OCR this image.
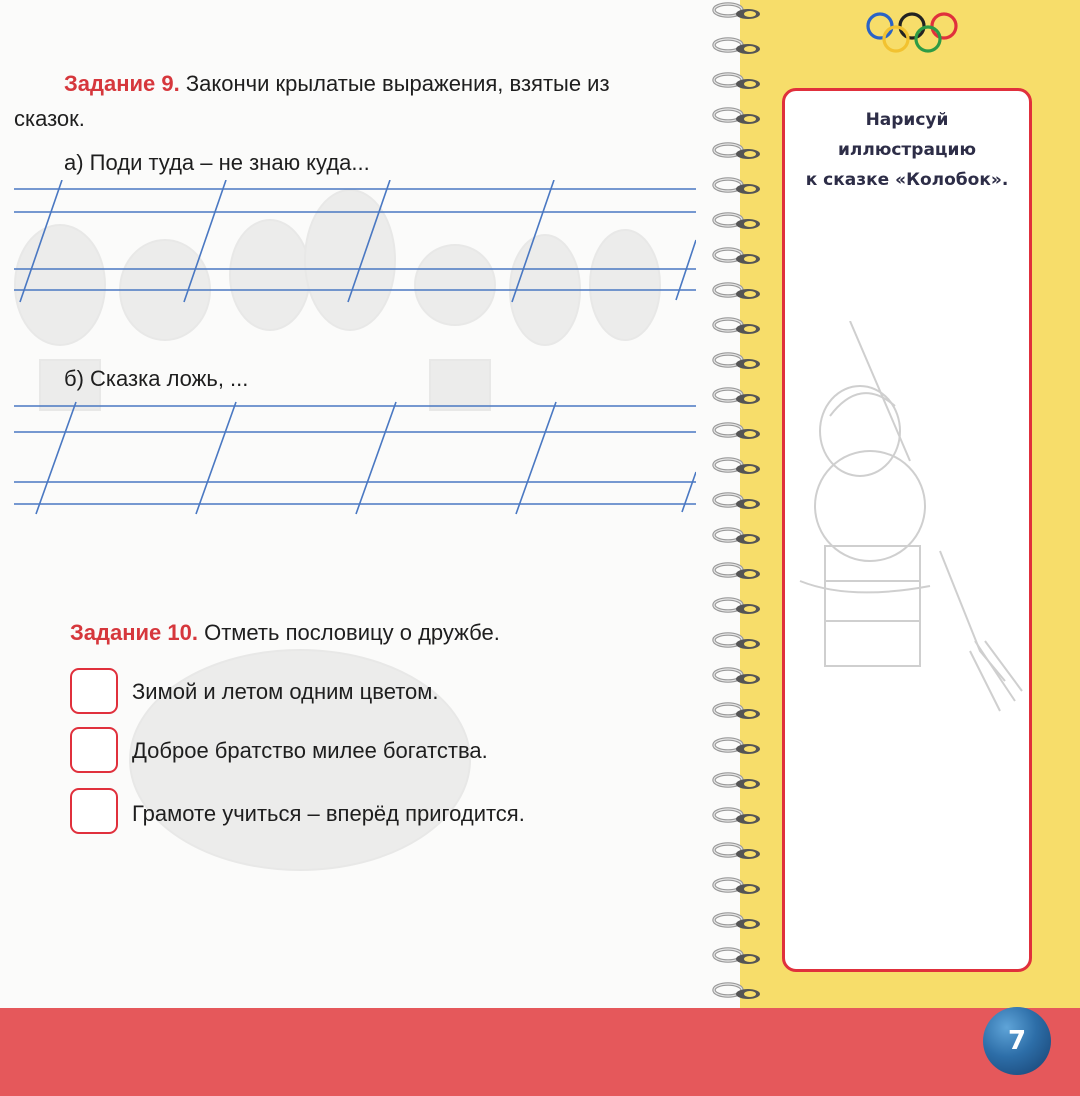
Нарисуй
иллюстрацию
к сказке «Колобок».
Задание 9. Закончи крылатые выражения, взятые из
сказок.
а) Поди туда – не знаю куда...
б) Сказка ложь, ...
Задание 10. Отметь пословицу о дружбе.
Зимой и летом одним цветом.
Доброе братство милее богатства.
Грамоте учиться – вперёд пригодится.
7
